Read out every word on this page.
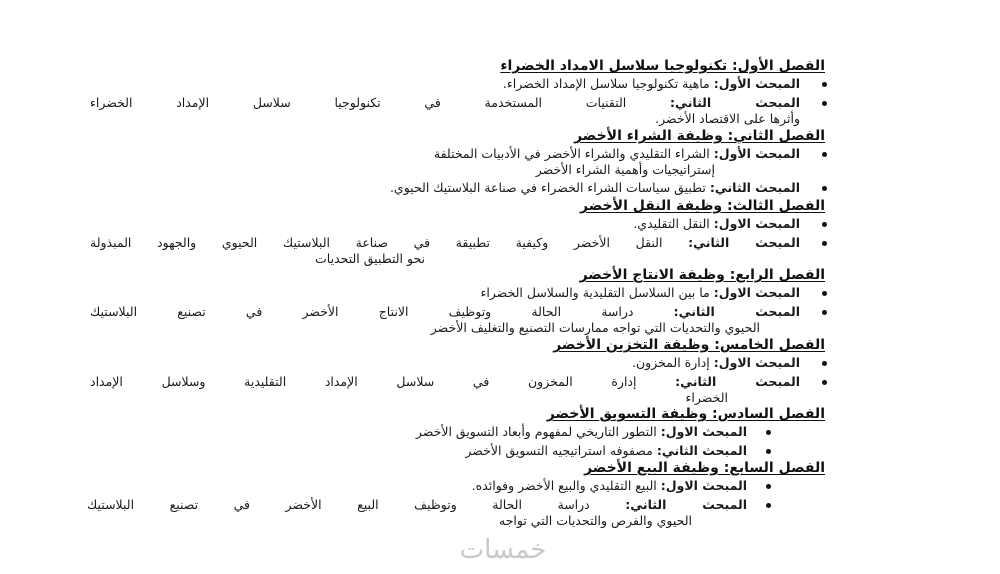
الفصل الأول: تكنولوجيا سلاسل الامداد الخضراء
المبحث الأول: ماهية تكنولوجيا سلاسل الإمداد الخضراء.
المبحث الثاني: التقنيات المستخدمة في تكنولوجيا سلاسل الإمداد الخضراء
وأثرها على الاقتصاد الأخضر.
الفصل الثاني: وظيفة الشراء الأخضر
المبحث الأول: الشراء التقليدي والشراء الأخضر في الأدبيات المختلفة
إستراتيجيات وأهمية الشراء الأخضر
المبحث الثاني: تطبيق سياسات الشراء الخضراء في صناعة البلاستيك الحيوي.
الفصل الثالث: وظيفة النقل الأخضر
المبحث الاول: النقل التقليدي.
المبحث الثاني: النقل الأخضر وكيفية تطبيقة في صناعة البلاستيك الحيوي والجهود المبذولة
نحو التطبيق التحديات
الفصل الرابع: وظيفة الانتاج الأخضر
المبحث الاول: ما بين السلاسل التقليدية والسلاسل الخضراء
المبحث الثاني: دراسة الحالة وتوظيف الانتاج الأخضر في تصنيع البلاستيك
الحيوي والتحديات التي تواجه ممارسات التصنيع والتغليف الأخضر
الفصل الخامس: وظيفة التخزين الأخضر
المبحث الاول: إدارة المخزون.
المبحث الثاني: إدارة المخزون في سلاسل الإمداد التقليدية وسلاسل الإمداد
الخضراء
الفصل السادس: وظيفة التسويق الأخضر
المبحث الاول: التطور التاريخي لمفهوم وأبعاد التسويق الأخضر
المبحث الثاني: مصفوفه استراتيجيه التسويق الأخضر
الفصل السابع: وظيفة البيع الأخضر
المبحث الاول: البيع التقليدي والبيع الأخضر وفوائده.
المبحث الثاني: دراسة الحالة وتوظيف البيع الأخضر في تصنيع البلاستيك
الحيوي والفرص والتحديات التي تواجه
خمسات
